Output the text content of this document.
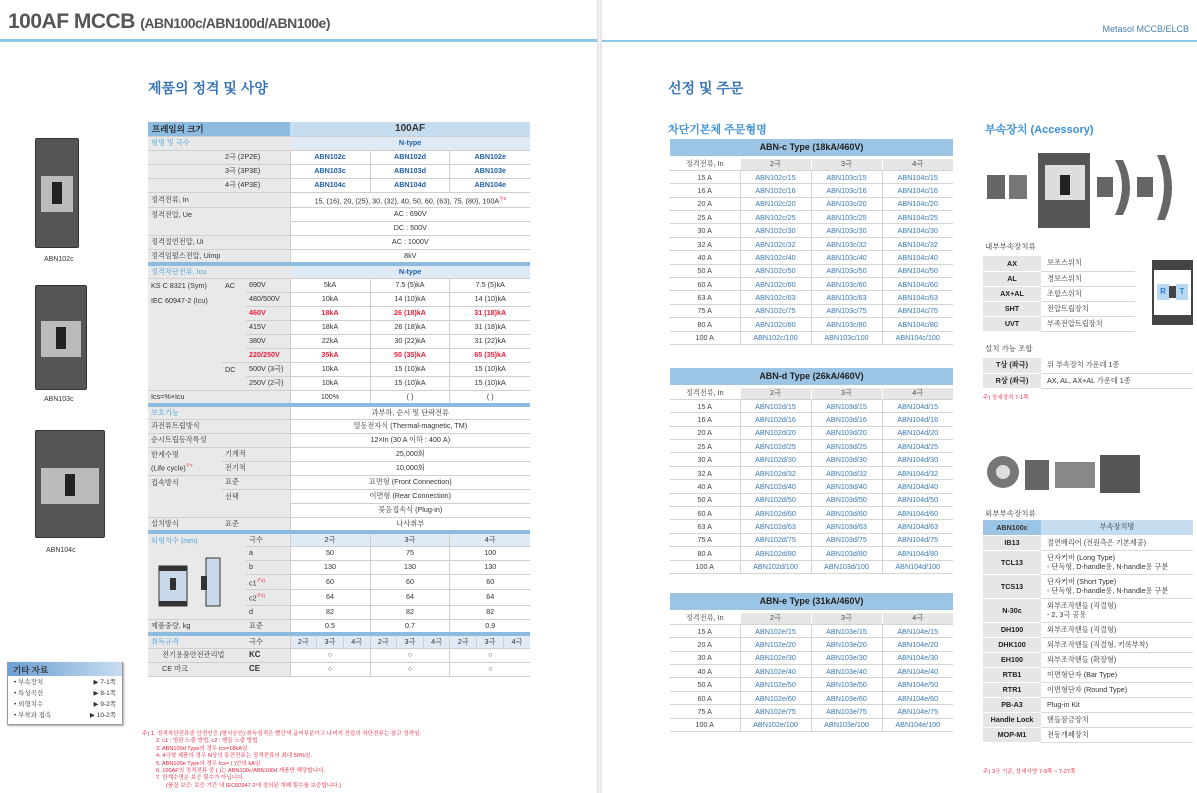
100AF MCCB (ABN100c/ABN100d/ABN100e)	Metasol MCCB/ELCB
제품의 정격 및 사양
ABN102c
ABN103c
ABN104c
기타 자료
• 부속장치	▶ 7-1쪽
• 특성곡선	▶ 8-1쪽
• 외형치수	▶ 9-2쪽
• 부착과 접속	▶ 10-2쪽
프레임의 크기			100AF								
형명 및 극수			N-type								
	2극 (2P2E)		ABN102c			ABN102d			ABN102e		
	3극 (3P3E)		ABN103c			ABN103d			ABN103e		
	4극 (4P3E)		ABN104c			ABN104d			ABN104e		
정격전류, In			15, (16), 20, (25), 30, (32), 40, 50, 60, (63), 75, (80), $100A^{주6}$
정격전압, Ue			AC : 690V								
			DC : 500V								
정격절연전압, Ui			AC : 1000V								
정격임펄스전압, Uimp			8kV								
정격차단전류, Icu			N-type								

KS C 8321 (Sym)
IEC 60947-2 (Icu)	AC	690V	5kA			7.5 (5)kA			7.5 (5)kA		
		480/500V	10kA			14 (10)kA			14 (10)kA		
		460V	18kA			26 (18)kA			31 (18)kA		
		415V	18kA			26 (18)kA			31 (18)kA		
		380V	22kA			30 (22)kA			31 (22)kA		
		220/250V	35kA			50 (35)kA			65 (35)kA		
	DC	500V (3극)	10kA			15 (10)kA			15 (10)kA		
		250V (2극)	10kA			15 (10)kA			15 (10)kA		
Ics=%×Icu			100%			( )			( )		
보호기능			과부하, 순시 및 단락전류								
과전류트립방식			열동전자식 (Thermal-magnetic, TM)								
순시트립동작특성			12×In (30 A 이하 : 400 A)								

한계수명
(Life cycle)$^{주7}$	기계적		25,000회								
	전기적		10,000회								
접속방식	표준		표면형 (Front Connection)								
	선택		이면형 (Rear Connection)								
			꽂음접속식 (Plug-in)								
설치방식	표준		나사취부								

외형치수 (mm)		극수	2극			3극			4극		
		a	50			75			100		
		b	130			130			130		
		$c1^{주2)}$	60			60			60		
		$c2^{주2)}$	64			64			64		
		d	82			82			82		
제품중량, kg		표준	0.5			0.7			0.9		
취득규격		극수	2극	3극	4극	2극	3극	4극	2극	3극	4극
전기용품안전관리법		KC	○			○			○		
CE 마크		CE	○			○			○		
주) 1. 정격차단전류중 안전인증 (형식승인) 취득정격은 빨간색 글씨부분이고 나머지 전압의 차단전류는 참고 정격임.
2. c1 : 명판 노출 방법, c2 : 핸들 노출 방법
3. ABN100d Type의 경우 Ics=18kA임.
4. 4극형 제품의 경우 N상의 통전전류는 정격전류의 최대 50%임.
5. ABN100e Type의 경우 Ics= ( )안의 kA임
6. 100AF의 정격전류 중 ( )는 ABN100c/ABN100d 제품만 해당합니다.
7. 한계수명은 보증 횟수가 아닙니다.
(품질 보증: 보증 기간 내 IEC60947-2에 정의된 개폐 횟수를 보증합니다.)
선정 및 주문
차단기본체 주문형명
ABN-c Type (18kA/460V)			
정격전류, In	2극	3극	4극
15 A	ABN102c/15	ABN103c/15	ABN104c/15
16 A	ABN102c/16	ABN103c/16	ABN104c/16
20 A	ABN102c/20	ABN103c/20	ABN104c/20
25 A	ABN102c/25	ABN103c/25	ABN104c/25
30 A	ABN102c/30	ABN103c/30	ABN104c/30
32 A	ABN102c/32	ABN103c/32	ABN104c/32
40 A	ABN102c/40	ABN103c/40	ABN104c/40
50 A	ABN102c/50	ABN103c/50	ABN104c/50
60 A	ABN102c/60	ABN103c/60	ABN104c/60
63 A	ABN102c/63	ABN103c/63	ABN104c/63
75 A	ABN102c/75	ABN103c/75	ABN104c/75
80 A	ABN102c/80	ABN103c/80	ABN104c/80
100 A	ABN102c/100	ABN103c/100	ABN104c/100
ABN-d Type (26kA/460V)			
정격전류, In	2극	3극	4극
15 A	ABN102d/15	ABN103d/15	ABN104d/15
16 A	ABN102d/16	ABN103d/16	ABN104d/16
20 A	ABN102d/20	ABN103d/20	ABN104d/20
25 A	ABN102d/25	ABN103d/25	ABN104d/25
30 A	ABN102d/30	ABN103d/30	ABN104d/30
32 A	ABN102d/32	ABN103d/32	ABN104d/32
40 A	ABN102d/40	ABN103d/40	ABN104d/40
50 A	ABN102d/50	ABN103d/50	ABN104d/50
60 A	ABN102d/60	ABN103d/60	ABN104d/60
63 A	ABN102d/63	ABN103d/63	ABN104d/63
75 A	ABN102d/75	ABN103d/75	ABN104d/75
80 A	ABN102d/80	ABN103d/80	ABN104d/80
100 A	ABN102d/100	ABN103d/100	ABN104d/100
ABN-e Type (31kA/460V)			
정격전류, In	2극	3극	4극
15 A	ABN102e/15	ABN103e/15	ABN104e/15
20 A	ABN102e/20	ABN103e/20	ABN104e/20
30 A	ABN102e/30	ABN103e/30	ABN104e/30
40 A	ABN102e/40	ABN103e/40	ABN104e/40
50 A	ABN102e/50	ABN103e/50	ABN104e/50
60 A	ABN102e/60	ABN103e/60	ABN104e/60
75 A	ABN102e/75	ABN103e/75	ABN104e/75
100 A	ABN102e/100	ABN103e/100	ABN104e/100
부속장치 (Accessory)
내부부속장치류
AX	보조스위치
AL	경보스위치
AX+AL	조합스위치
SHT	전압트립장치
UVT	부족전압트립장치
R	T
설치 가능 조합
T상 (좌극)	위 부속장치 가운데 1종
R상 (좌극)	AX, AL, AX+AL 가운데 1종
주) 상세정격 7-1쪽
외부부속장치류
ABN100c	부속장치명
IB13	절연베리어 (전원측은 기본제공)

TCL13	단자커버 (Long Type)
- 단독형, D-handle용, N-handle용 구분

TCS13	단자커버 (Short Type)
- 단독형, D-handle용, N-handle용 구분

N-30c	외부조작핸들 (직결형)
- 2, 3극 공용

DH100	외부조작핸들 (직결형)

DHK100	외부조작핸들 (직결형, 키록부착)

EH100	외부조작핸들 (확장형)

RTB1	이면형단자 (Bar Type)

RTR1	이면형단자 (Round Type)

PB-A3	Plug-in Kit

Handle Lock	핸들잠금장치

MOP-M1	전동개폐장치
주) 3극 기준, 상세사양 7-9쪽 ~ 7-27쪽
